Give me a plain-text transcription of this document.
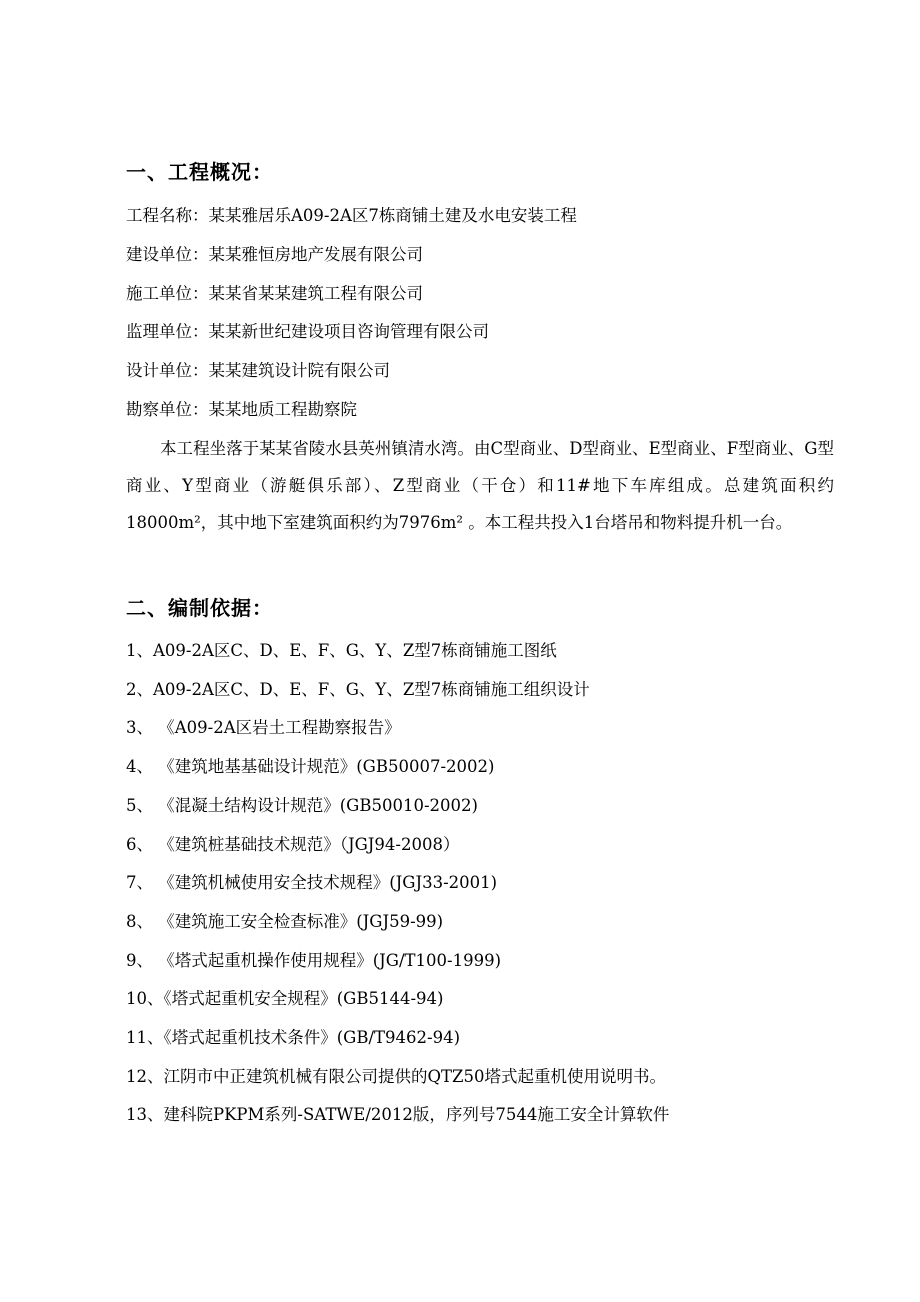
一、工程概况：
工程名称：某某雅居乐A09-2A区7栋商铺土建及水电安装工程
建设单位：某某雅恒房地产发展有限公司
施工单位：某某省某某建筑工程有限公司
监理单位：某某新世纪建设项目咨询管理有限公司
设计单位：某某建筑设计院有限公司
勘察单位：某某地质工程勘察院
本工程坐落于某某省陵水县英州镇清水湾。由C型商业、D型商业、E型商业、F型商业、G型商业、Y型商业（游艇俱乐部）、Z型商业（干仓）和11#地下车库组成。总建筑面积约18000m²，其中地下室建筑面积约为7976m² 。本工程共投入1台塔吊和物料提升机一台。
二、编制依据：
1、A09-2A区C、D、E、F、G、Y、Z型7栋商铺施工图纸
2、A09-2A区C、D、E、F、G、Y、Z型7栋商铺施工组织设计
3、 《A09-2A区岩土工程勘察报告》
4、 《建筑地基基础设计规范》(GB50007-2002)
5、 《混凝土结构设计规范》(GB50010-2002)
6、 《建筑桩基础技术规范》（JGJ94-2008）
7、 《建筑机械使用安全技术规程》(JGJ33-2001)
8、 《建筑施工安全检查标准》(JGJ59-99)
9、 《塔式起重机操作使用规程》(JG/T100-1999)
10、《塔式起重机安全规程》(GB5144-94)
11、《塔式起重机技术条件》(GB/T9462-94)
12、江阴市中正建筑机械有限公司提供的QTZ50塔式起重机使用说明书。
13、建科院PKPM系列-SATWE/2012版，序列号7544施工安全计算软件
